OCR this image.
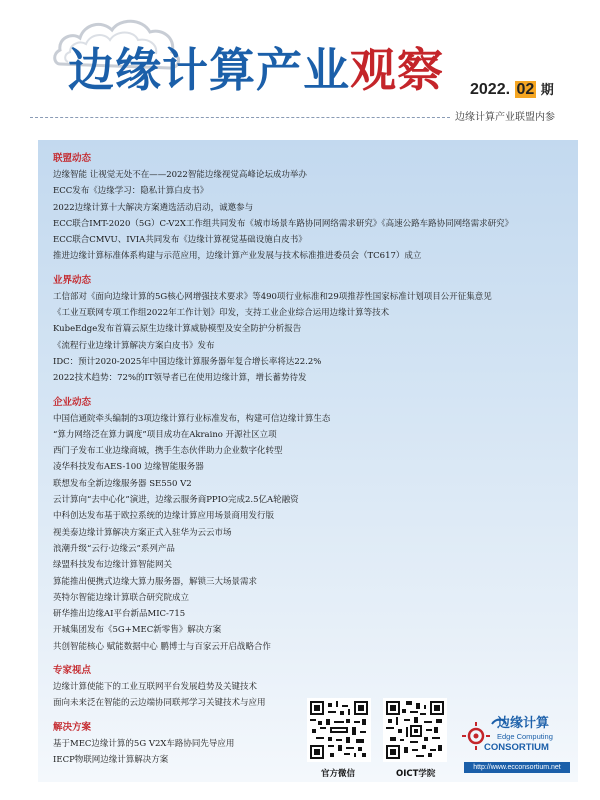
边缘计算产业观察 2022. 02 期
边缘计算产业联盟内参
联盟动态
边缘智能 让视觉无处不在——2022智能边缘视觉高峰论坛成功举办
ECC发布《边缘学习：隐私计算白皮书》
2022边缘计算十大解决方案遴选活动启动，诚邀参与
ECC联合IMT-2020（5G）C-V2X工作组共同发布《城市场景车路协同网络需求研究》《高速公路车路协同网络需求研究》
ECC联合CMVU、IVIA共同发布《边缘计算视觉基础设施白皮书》
推进边缘计算标准体系构建与示范应用，边缘计算产业发展与技术标准推进委员会（TC617）成立
业界动态
工信部对《面向边缘计算的5G核心网增强技术要求》等490项行业标准和29项推荐性国家标准计划项目公开征集意见
《工业互联网专项工作组2022年工作计划》印发，支持工业企业综合运用边缘计算等技术
KubeEdge发布首篇云原生边缘计算威胁模型及安全防护分析报告
《流程行业边缘计算解决方案白皮书》发布
IDC：预计2020-2025年中国边缘计算服务器年复合增长率将达22.2%
2022技术趋势：72%的IT领导者已在使用边缘计算，增长蓄势待发
企业动态
中国信通院牵头编制的3项边缘计算行业标准发布，构建可信边缘计算生态
“算力网络泛在算力调度”项目成功在Akraino 开源社区立项
西门子发布工业边缘商城，携手生态伙伴助力企业数字化转型
凌华科技发布AES-100 边缘智能服务器
联想发布全新边缘服务器 SE550 V2
云计算向“去中心化”演进，边缘云服务商PPIO完成2.5亿A轮融资
中科创达发布基于欧拉系统的边缘计算应用场景商用发行版
视美泰边缘计算解决方案正式入驻华为云云市场
浪潮升级“云行·边缘云”系列产品
绿盟科技发布边缘计算智能网关
算能推出便携式边缘大算力服务器，解锁三大场景需求
英特尔智能边缘计算联合研究院成立
研华推出边缘AI平台新品MIC-715
开城集团发布《5G+MEC新零售》解决方案
共创智能核心 赋能数据中心 鹏博士与百家云开启战略合作
专家视点
边缘计算使能下的工业互联网平台发展趋势及关键技术
面向未来泛在智能的云边端协同联邦学习关键技术与应用
解决方案
基于MEC边缘计算的5G V2X车路协同先导应用
IECP物联网边缘计算解决方案
官方微信	OICT学院
边缘计算
Edge Computing
CONSORTIUM
http://www.ecconsortium.net
